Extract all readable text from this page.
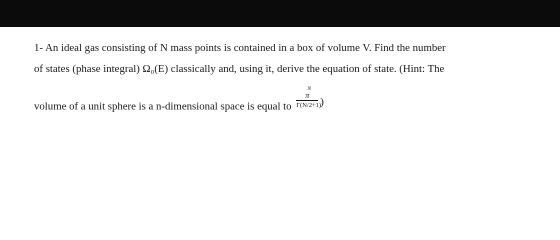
1- An ideal gas consisting of N mass points is contained in a box of volume V. Find the number
of states (phase integral) Ω₀(E) classically and, using it, derive the equation of state. (Hint: The
volume of a unit sphere is a n-dimensional space is equal to
N
π
Γ(N/2+1) )
